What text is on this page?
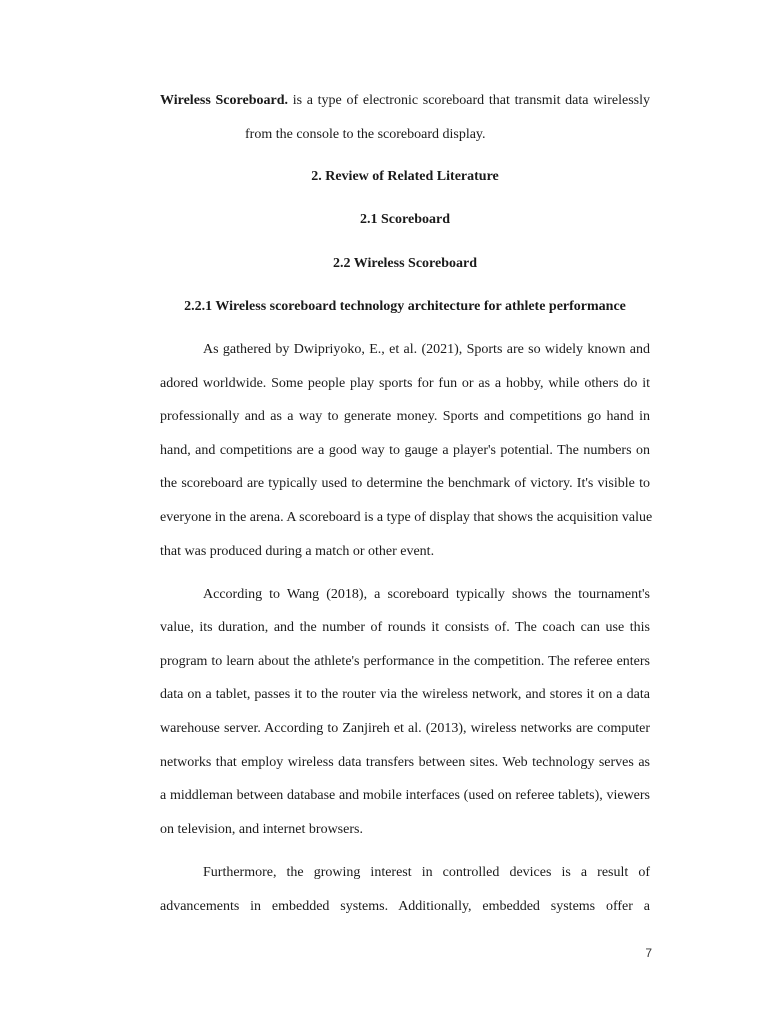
Wireless Scoreboard. is a type of electronic scoreboard that transmit data wirelessly
from the console to the scoreboard display.
2. Review of Related Literature
2.1 Scoreboard
2.2 Wireless Scoreboard
2.2.1 Wireless scoreboard technology architecture for athlete performance
As gathered by Dwipriyoko, E., et al. (2021), Sports are so widely known and
adored worldwide. Some people play sports for fun or as a hobby, while others do it
professionally and as a way to generate money. Sports and competitions go hand in
hand, and competitions are a good way to gauge a player's potential. The numbers on
the scoreboard are typically used to determine the benchmark of victory. It's visible to
everyone in the arena. A scoreboard is a type of display that shows the acquisition value
that was produced during a match or other event.
According to Wang (2018), a scoreboard typically shows the tournament's
value, its duration, and the number of rounds it consists of. The coach can use this
program to learn about the athlete's performance in the competition. The referee enters
data on a tablet, passes it to the router via the wireless network, and stores it on a data
warehouse server. According to Zanjireh et al. (2013), wireless networks are computer
networks that employ wireless data transfers between sites. Web technology serves as
a middleman between database and mobile interfaces (used on referee tablets), viewers
on television, and internet browsers.
Furthermore, the growing interest in controlled devices is a result of
advancements in embedded systems. Additionally, embedded systems offer a
7
